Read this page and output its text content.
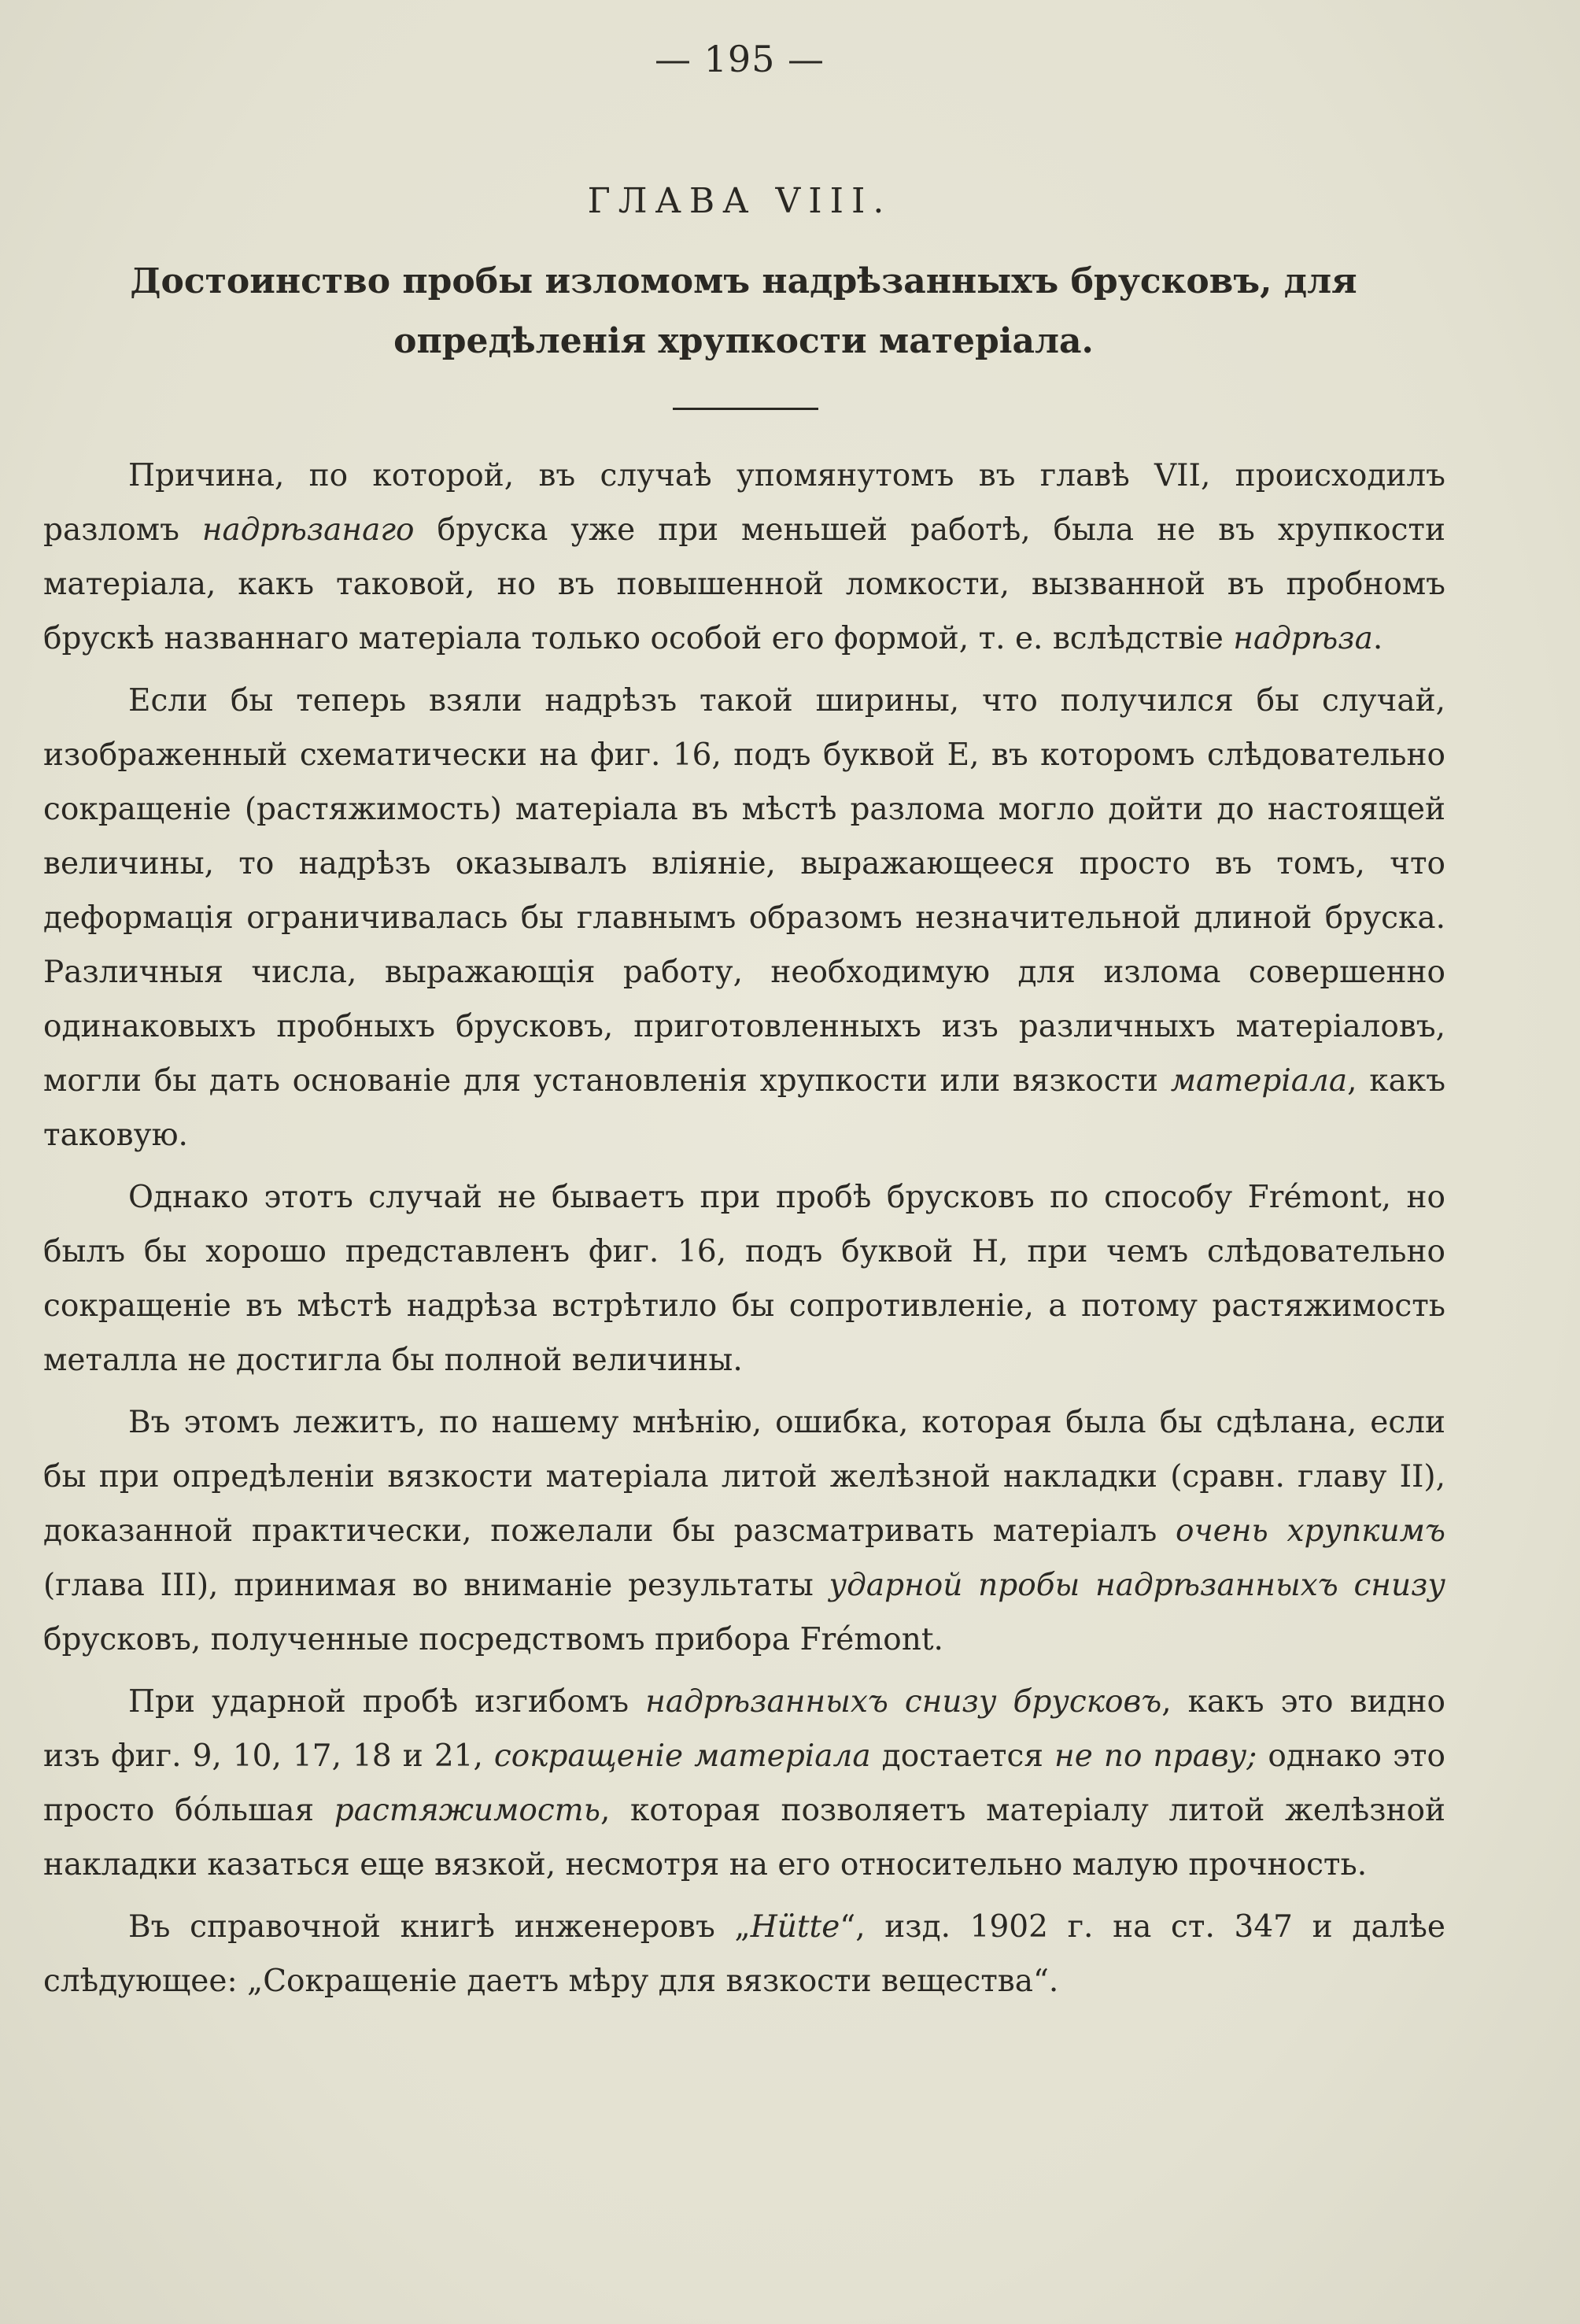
— 195 —
ГЛАВА VIII.
Достоинство пробы изломомъ надрѣзанныхъ брусковъ, для опредѣленія хрупкости матеріала.

Причина, по которой, въ случаѣ упомянутомъ въ главѣ VII, происходилъ разломъ надрѣзанаго бруска уже при меньшей работѣ, была не въ хрупкости матеріала, какъ таковой, но въ повышенной ломкости, вызванной въ пробномъ брускѣ названнаго матеріала только особой его формой, т. е. вслѣдствіе надрѣза.

Если бы теперь взяли надрѣзъ такой ширины, что получился бы случай, изображенный схематически на фиг. 16, подъ буквой E, въ которомъ слѣдовательно сокращеніе (растяжимость) матеріала въ мѣстѣ разлома могло дойти до настоящей величины, то надрѣзъ оказывалъ вліяніе, выражающееся просто въ томъ, что деформація ограничивалась бы главнымъ образомъ незначительной длиной бруска. Различныя числа, выражающія работу, необходимую для излома совершенно одинаковыхъ пробныхъ брусковъ, приготовленныхъ изъ различныхъ матеріаловъ, могли бы дать основаніе для установленія хрупкости или вязкости матеріала, какъ таковую.

Однако этотъ случай не бываетъ при пробѣ брусковъ по способу Frémont, но былъ бы хорошо представленъ фиг. 16, подъ буквой H, при чемъ слѣдовательно сокращеніе въ мѣстѣ надрѣза встрѣтило бы сопротивленіе, а потому растяжимость металла не достигла бы полной величины.

Въ этомъ лежитъ, по нашему мнѣнію, ошибка, которая была бы сдѣлана, если бы при опредѣленіи вязкости матеріала литой желѣзной накладки (сравн. главу II), доказанной практически, пожелали бы разсматривать матеріалъ очень хрупкимъ (глава III), принимая во вниманіе результаты ударной пробы надрѣзанныхъ снизу брусковъ, полученные посредствомъ прибора Frémont.

При ударной пробѣ изгибомъ надрѣзанныхъ снизу брусковъ, какъ это видно изъ фиг. 9, 10, 17, 18 и 21, сокращеніе матеріала достается не по праву; однако это просто бо́льшая растяжимость, которая позволяетъ матеріалу литой желѣзной накладки казаться еще вязкой, несмотря на его относительно малую прочность.

Въ справочной книгѣ инженеровъ „Hütte“, изд. 1902 г. на ст. 347 и далѣе слѣдующее: „Сокращеніе даетъ мѣру для вязкости вещества“.
